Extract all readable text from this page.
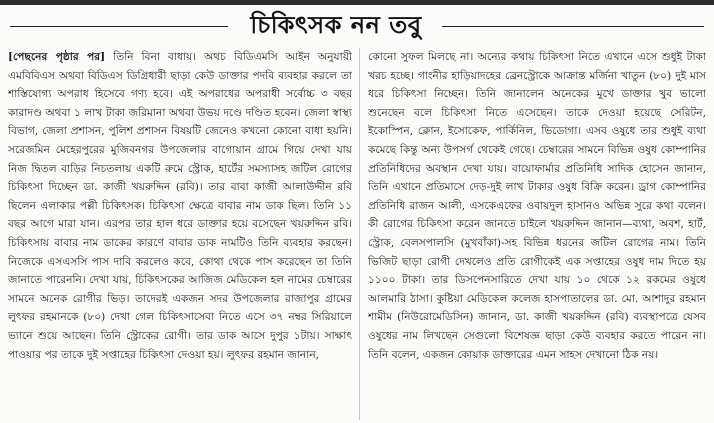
চিকিৎসক নন তবু

[পেছনের পৃষ্ঠার পর] তিনি বিনা বাধায়। অথচ বিডিএমসি আইন অনুযায়ী এমবিবিএস অথবা বিডিএস ডিগ্রিধারী ছাড়া কেউ ডাক্তার পদবি ব্যবহার করলে তা শাস্তিযোগ্য অপরাধ হিসেবে গণ্য হবে। এই অপরাধের অপরাধী সর্বোচ্চ ৩ বছর কারাদণ্ড অথবা ১ লাখ টাকা জরিমানা অথবা উভয় দণ্ডে দণ্ডিত হবেন। জেলা স্বাস্থ্য বিভাগ, জেলা প্রশাসন, পুলিশ প্রশাসন বিষয়টি জেনেও কখনো কোনো বাধা হয়নি। সরেজমিন মেহেরপুরের মুজিবনগর উপজেলার বাগোয়ান গ্রামে গিয়ে দেখা যায় নিজ দ্বিতল বাড়ির নিচতলায় একটি রুমে স্ট্রোক, হার্টের সমস্যাসহ জটিল রোগের চিকিৎসা দিচ্ছেন ডা. কাজী খয়রুদ্দিন (রবি)। তার বাবা কাজী আলাউদ্দীন রবি ছিলেন এলাকার পল্লী চিকিৎসক। চিকিৎসা ক্ষেত্রে বাবার নাম ডাক ছিল। তিনি ১১ বছর আগে মারা যান। এরপর তার হাল ধরে ডাক্তার হয়ে বসেছেন খয়রুদ্দিন রবি। চিকিৎসায় বাবার নাম ডাকের কারণে বাবার ডাক নামটিও তিনি ব্যবহার করছেন। নিজেকে এসএসসি পাস দাবি করলেও কবে, কোথা থেকে পাস করেছেন তা তিনি জানাতে পারেননি। দেখা যায়, চিকিৎসকের আজিজ মেডিকেল হল নামের চেম্বারের সামনে অনেক রোগীর ভিড়। তাদেরই একজন সদর উপজেলার রাজাপুর গ্রামের লুৎফর রহমানকে (৮০) দেখা গেল চিকিৎসাসেবা নিতে এসে ৩৭ নম্বর সিরিয়ালে ভ্যানে শুয়ে আছেন। তিনি স্ট্রোকের রোগী। তার ডাক আসে দুপুর ১টায়। সাক্ষাৎ পাওয়ার পর তাকে দুই সপ্তাহের চিকিৎসা দেওয়া হয়। লুৎফর রহমান জানান,

কোনো সুফল মিলছে না। অন্যের কথায় চিকিৎসা নিতে এখানে এসে শুধুই টাকা খরচ হচ্ছে। গাংনীর হাড়িয়াদহের ব্রেনস্ট্রোকে আক্রান্ত মর্জিনা খাতুন (৮০) দুই মাস ধরে চিকিৎসা নিচ্ছেন। তিনি জানালেন অনেকের মুখে ডাক্তার খুব ভালো শুনেছেন বলে চিকিৎসা নিতে এসেছেন। তাকে দেওয়া হয়েছে সেরিটন, ইকোস্পিন, ক্লোন, ইসোকেফ, পার্কিনিল, ভিডোগা। এসব ওষুধে তার শুধুই ব্যথা কমেছে কিন্তু অন্য উপসর্গ থেকেই গেছে। চেম্বারের সামনে বিভিন্ন ওষুধ কোম্পানির প্রতিনিধিদের অবস্থান দেখা যায়। বায়োফার্মার প্রতিনিধি সাদিক হোসেন জানান, তিনি এখানে প্রতিমাসে দেড়-দুই লাখ টাকার ওষুধ বিক্রি করেন। ড্রাগ কোম্পানির প্রতিনিধি রাজন আলী, এসকেএফের ওবায়দুল হাসানও অভিন্ন সুরে কথা বলেন। কী রোগের চিকিৎসা করেন জানতে চাইলে খয়রুদ্দিন জানান—ব্যথা, অবশ, হার্ট, স্ট্রোক, বেলসপালসি (মুখবাঁকা)-সহ বিভিন্ন ধরনের জটিল রোগের নাম। তিনি ভিজিট ছাড়া রোগী দেখলেও প্রতি রোগীকেই এক সপ্তাহের ওষুধ দাম দিতে হয় ১১০০ টাকা। তার ডিসপেনসারিতে দেখা যায় ১০ থেকে ১২ রকমের ওষুধে আলমারি ঠাসা। কুষ্টিয়া মেডিকেল কলেজ হাসপাতালের ডা. মো. আশাদুর রহমান শামীম (নিউরোমেডিসিন) জানান, ডা. কাজী খয়রুদ্দিন (রবি) ব্যবস্থাপত্রে যেসব ওষুধের নাম লিখছেন সেগুলো বিশেষজ্ঞ ছাড়া কেউ ব্যবহার করতে পারেন না। তিনি বলেন, একজন কোয়াক ডাক্তারের এমন সাহস দেখানো ঠিক নয়।
